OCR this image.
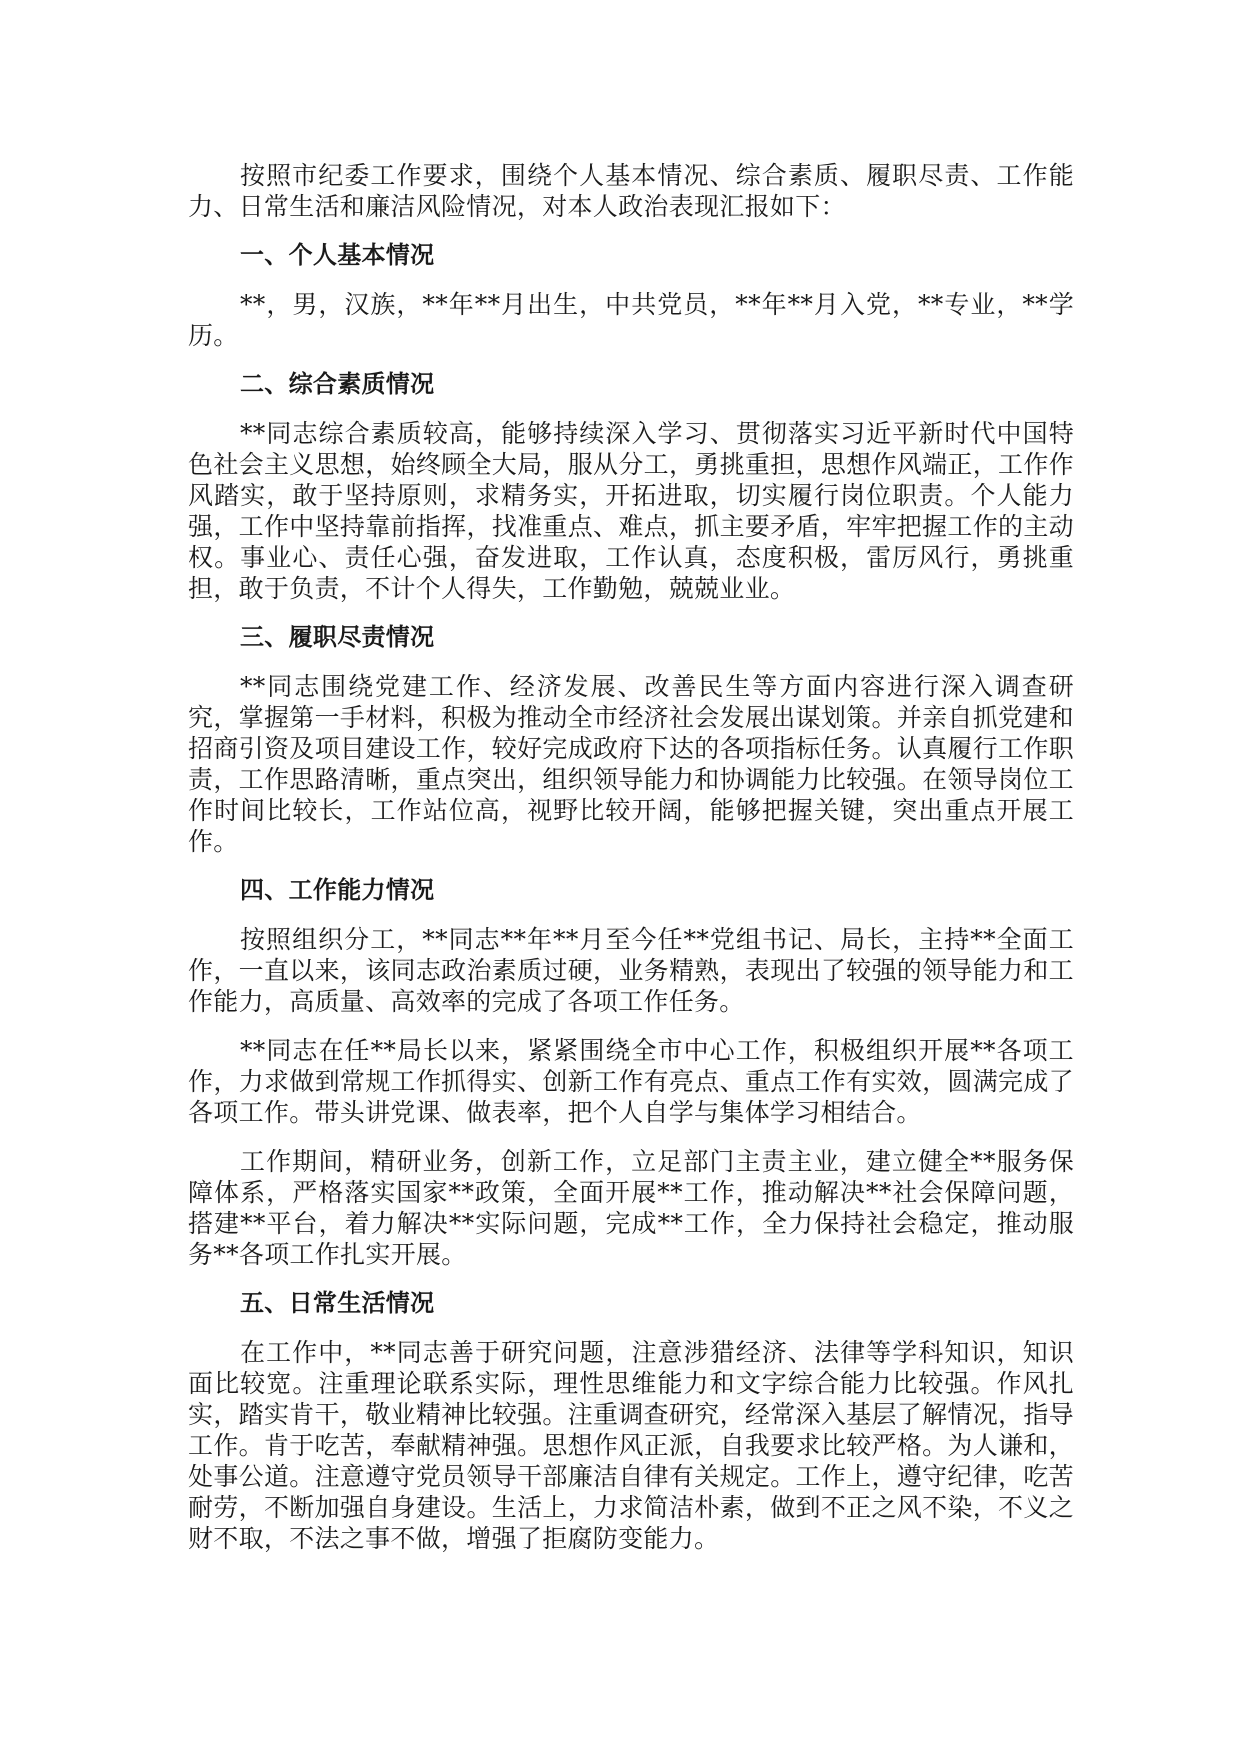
按照市纪委工作要求，围绕个人基本情况、综合素质、履职尽责、工作能力、日常生活和廉洁风险情况，对本人政治表现汇报如下：

一、个人基本情况

**，男，汉族，**年**月出生，中共党员，**年**月入党，**专业，**学历。

二、综合素质情况

**同志综合素质较高，能够持续深入学习、贯彻落实习近平新时代中国特色社会主义思想，始终顾全大局，服从分工，勇挑重担，思想作风端正，工作作风踏实，敢于坚持原则，求精务实，开拓进取，切实履行岗位职责。个人能力强，工作中坚持靠前指挥，找准重点、难点，抓主要矛盾，牢牢把握工作的主动权。事业心、责任心强，奋发进取，工作认真，态度积极，雷厉风行，勇挑重担，敢于负责，不计个人得失，工作勤勉，兢兢业业。

三、履职尽责情况

**同志围绕党建工作、经济发展、改善民生等方面内容进行深入调查研究，掌握第一手材料，积极为推动全市经济社会发展出谋划策。并亲自抓党建和招商引资及项目建设工作，较好完成政府下达的各项指标任务。认真履行工作职责，工作思路清晰，重点突出，组织领导能力和协调能力比较强。在领导岗位工作时间比较长，工作站位高，视野比较开阔，能够把握关键，突出重点开展工作。

四、工作能力情况

按照组织分工，**同志**年**月至今任**党组书记、局长，主持**全面工作，一直以来，该同志政治素质过硬，业务精熟，表现出了较强的领导能力和工作能力，高质量、高效率的完成了各项工作任务。

**同志在任**局长以来，紧紧围绕全市中心工作，积极组织开展**各项工作，力求做到常规工作抓得实、创新工作有亮点、重点工作有实效，圆满完成了各项工作。带头讲党课、做表率，把个人自学与集体学习相结合。

工作期间，精研业务，创新工作，立足部门主责主业，建立健全**服务保障体系，严格落实国家**政策，全面开展**工作，推动解决**社会保障问题，搭建**平台，着力解决**实际问题，完成**工作，全力保持社会稳定，推动服务**各项工作扎实开展。

五、日常生活情况

在工作中，**同志善于研究问题，注意涉猎经济、法律等学科知识，知识面比较宽。注重理论联系实际，理性思维能力和文字综合能力比较强。作风扎实，踏实肯干，敬业精神比较强。注重调查研究，经常深入基层了解情况，指导工作。肯于吃苦，奉献精神强。思想作风正派，自我要求比较严格。为人谦和，处事公道。注意遵守党员领导干部廉洁自律有关规定。工作上，遵守纪律，吃苦耐劳，不断加强自身建设。生活上，力求简洁朴素，做到不正之风不染，不义之财不取，不法之事不做，增强了拒腐防变能力。
